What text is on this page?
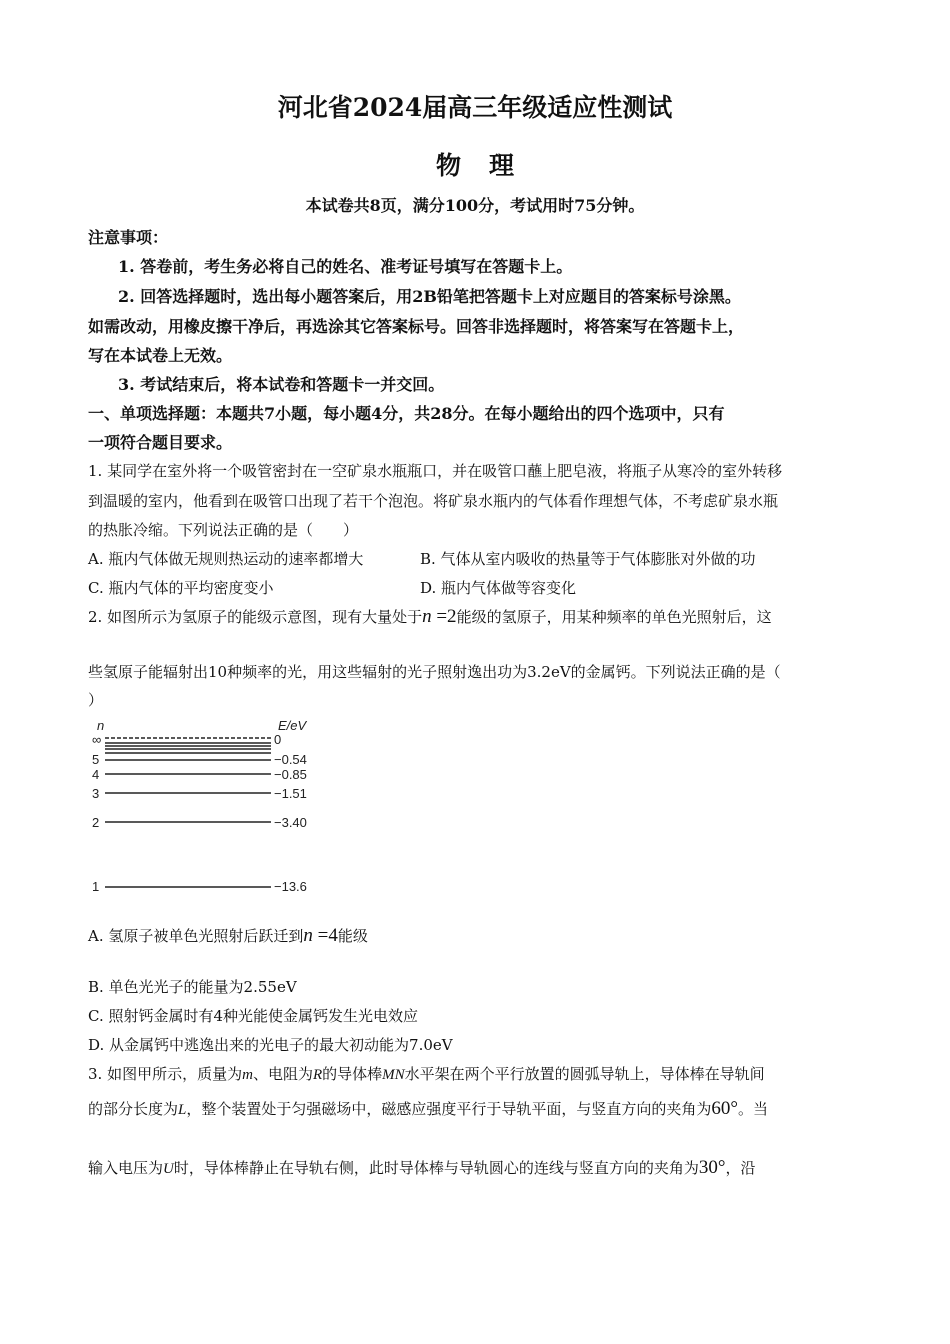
河北省2024届高三年级适应性测试
物理
本试卷共8页，满分100分，考试用时75分钟。
注意事项：
1. 答卷前，考生务必将自己的姓名、准考证号填写在答题卡上。
2. 回答选择题时，选出每小题答案后，用2B铅笔把答题卡上对应题目的答案标号涂黑。
如需改动，用橡皮擦干净后，再选涂其它答案标号。回答非选择题时，将答案写在答题卡上，
写在本试卷上无效。
3. 考试结束后，将本试卷和答题卡一并交回。
一、单项选择题：本题共7小题，每小题4分，共28分。在每小题给出的四个选项中，只有
一项符合题目要求。
1. 某同学在室外将一个吸管密封在一空矿泉水瓶瓶口，并在吸管口蘸上肥皂液，将瓶子从寒冷的室外转移
到温暖的室内，他看到在吸管口出现了若干个泡泡。将矿泉水瓶内的气体看作理想气体，不考虑矿泉水瓶
的热胀冷缩。下列说法正确的是（　　）
A. 瓶内气体做无规则热运动的速率都增大	B. 气体从室内吸收的热量等于气体膨胀对外做的功
C. 瓶内气体的平均密度变小	D. 瓶内气体做等容变化
2. 如图所示为氢原子的能级示意图，现有大量处于n =2能级的氢原子，用某种频率的单色光照射后，这
些氢原子能辐射出10种频率的光，用这些辐射的光子照射逸出功为3.2eV的金属钙。下列说法正确的是（
）
n	E/eV
∞
5
4
3
2
1
0
−0.54
−0.85
−1.51
−3.40
−13.6
A. 氢原子被单色光照射后跃迁到n =4能级
B. 单色光光子的能量为2.55eV
C. 照射钙金属时有4种光能使金属钙发生光电效应
D. 从金属钙中逃逸出来的光电子的最大初动能为7.0eV
3. 如图甲所示，质量为m、电阻为R的导体棒MN水平架在两个平行放置的圆弧导轨上，导体棒在导轨间
的部分长度为L，整个装置处于匀强磁场中，磁感应强度平行于导轨平面，与竖直方向的夹角为60°。当
输入电压为U时，导体棒静止在导轨右侧，此时导体棒与导轨圆心的连线与竖直方向的夹角为30°，沿
